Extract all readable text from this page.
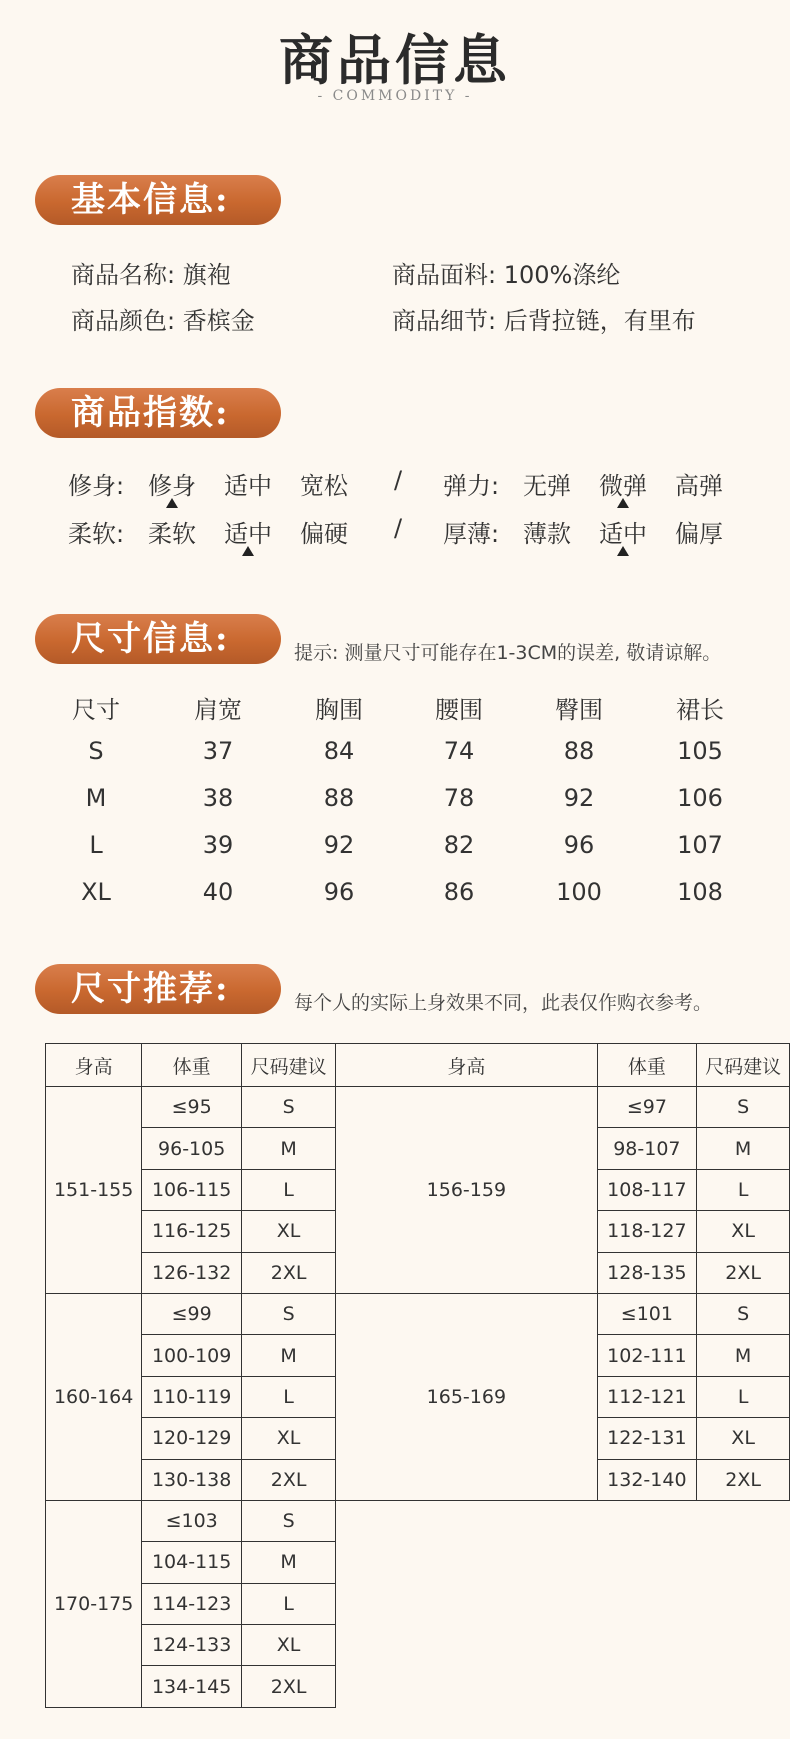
商品信息
- COMMODITY -
基本信息:
商品名称: 旗袍	商品面料: 100%涤纶
商品颜色: 香槟金	商品细节: 后背拉链，有里布
商品指数:
修身: 修身 适中 宽松 / 弹力: 无弹 微弹 高弹
柔软: 柔软 适中 偏硬 / 厚薄: 薄款 适中 偏厚
尺寸信息:	提示: 测量尺寸可能存在1-3CM的误差, 敬请谅解。
尺寸	肩宽	胸围	腰围	臀围	裙长
S	37	84	74	88	105
M	38	88	78	92	106
L	39	92	82	96	107
XL	40	96	86	100	108
尺寸推荐:	每个人的实际上身效果不同，此表仅作购衣参考。
身高	体重	尺码建议	身高	体重	尺码建议
151-155	≤95	S	156-159	≤97	S
	96-105	M		98-107	M
	106-115	L		108-117	L
	116-125	XL		118-127	XL
	126-132	2XL		128-135	2XL
160-164	≤99	S	165-169	≤101	S
	100-109	M		102-111	M
	110-119	L		112-121	L
	120-129	XL		122-131	XL
	130-138	2XL		132-140	2XL
170-175	≤103	S			
	104-115	M			
	114-123	L			
	124-133	XL			
	134-145	2XL			
